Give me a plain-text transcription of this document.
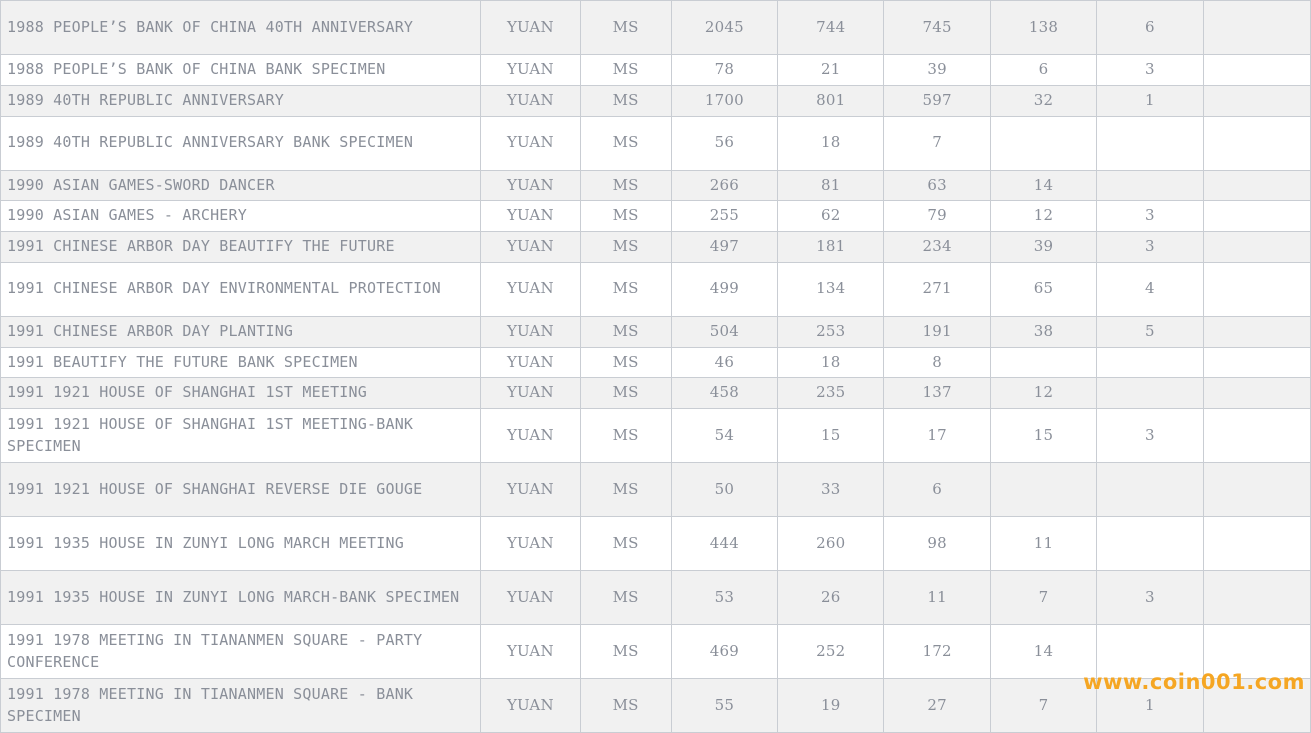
1988 PEOPLE’S BANK OF CHINA 40TH ANNIVERSARY	YUAN	MS	2045	744	745	138	6	
1988 PEOPLE’S BANK OF CHINA BANK SPECIMEN	YUAN	MS	78	21	39	6	3	
1989 40TH REPUBLIC ANNIVERSARY	YUAN	MS	1700	801	597	32	1	
1989 40TH REPUBLIC ANNIVERSARY BANK SPECIMEN	YUAN	MS	56	18	7			
1990 ASIAN GAMES-SWORD DANCER	YUAN	MS	266	81	63	14		
1990 ASIAN GAMES - ARCHERY	YUAN	MS	255	62	79	12	3	
1991 CHINESE ARBOR DAY BEAUTIFY THE FUTURE	YUAN	MS	497	181	234	39	3	
1991 CHINESE ARBOR DAY ENVIRONMENTAL PROTECTION	YUAN	MS	499	134	271	65	4	
1991 CHINESE ARBOR DAY PLANTING	YUAN	MS	504	253	191	38	5	
1991 BEAUTIFY THE FUTURE BANK SPECIMEN	YUAN	MS	46	18	8			
1991 1921 HOUSE OF SHANGHAI 1ST MEETING	YUAN	MS	458	235	137	12		
1991 1921 HOUSE OF SHANGHAI 1ST MEETING-BANK SPECIMEN	YUAN	MS	54	15	17	15	3	
1991 1921 HOUSE OF SHANGHAI REVERSE DIE GOUGE	YUAN	MS	50	33	6			
1991 1935 HOUSE IN ZUNYI LONG MARCH MEETING	YUAN	MS	444	260	98	11		
1991 1935 HOUSE IN ZUNYI LONG MARCH-BANK SPECIMEN	YUAN	MS	53	26	11	7	3	
1991 1978 MEETING IN TIANANMEN SQUARE - PARTY CONFERENCE	YUAN	MS	469	252	172	14		
1991 1978 MEETING IN TIANANMEN SQUARE - BANK SPECIMEN	YUAN	MS	55	19	27	7	1	
www.coin001.com
